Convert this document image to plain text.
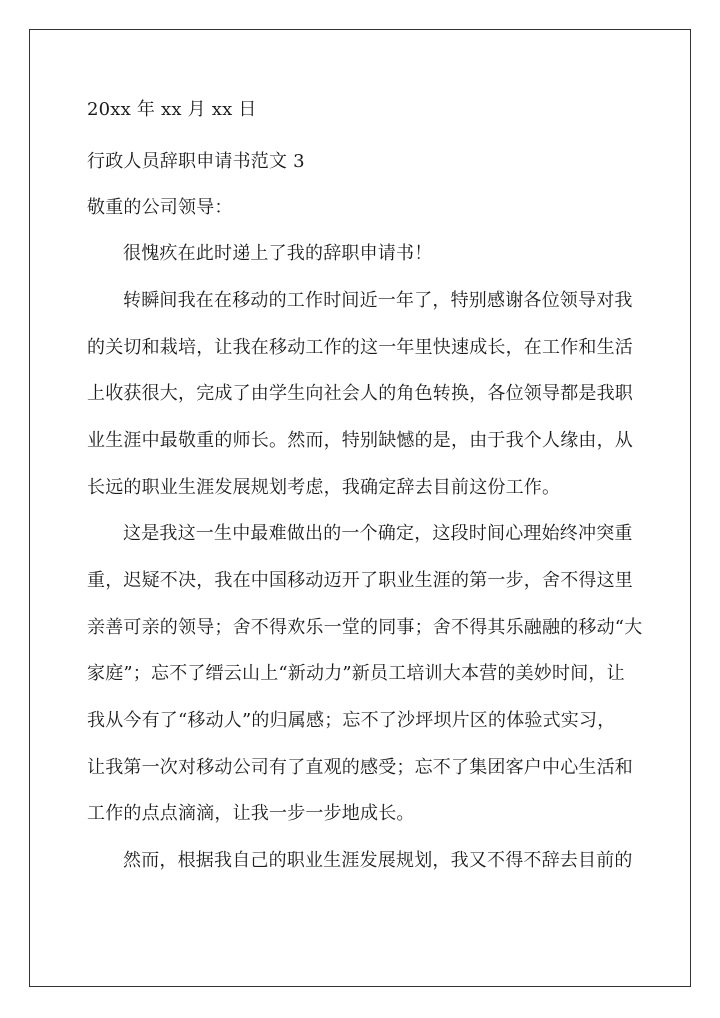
20xx 年 xx 月 xx 日
行政人员辞职申请书范文 3
敬重的公司领导：
很愧疚在此时递上了我的辞职申请书！
转瞬间我在在移动的工作时间近一年了，特别感谢各位领导对我
的关切和栽培，让我在移动工作的这一年里快速成长，在工作和生活
上收获很大，完成了由学生向社会人的角色转换，各位领导都是我职
业生涯中最敬重的师长。然而，特别缺憾的是，由于我个人缘由，从
长远的职业生涯发展规划考虑，我确定辞去目前这份工作。
这是我这一生中最难做出的一个确定，这段时间心理始终冲突重
重，迟疑不决，我在中国移动迈开了职业生涯的第一步，舍不得这里
亲善可亲的领导；舍不得欢乐一堂的同事；舍不得其乐融融的移动“大
家庭”；忘不了缙云山上“新动力”新员工培训大本营的美妙时间，让
我从今有了“移动人”的归属感；忘不了沙坪坝片区的体验式实习，
让我第一次对移动公司有了直观的感受；忘不了集团客户中心生活和
工作的点点滴滴，让我一步一步地成长。
然而，根据我自己的职业生涯发展规划，我又不得不辞去目前的
